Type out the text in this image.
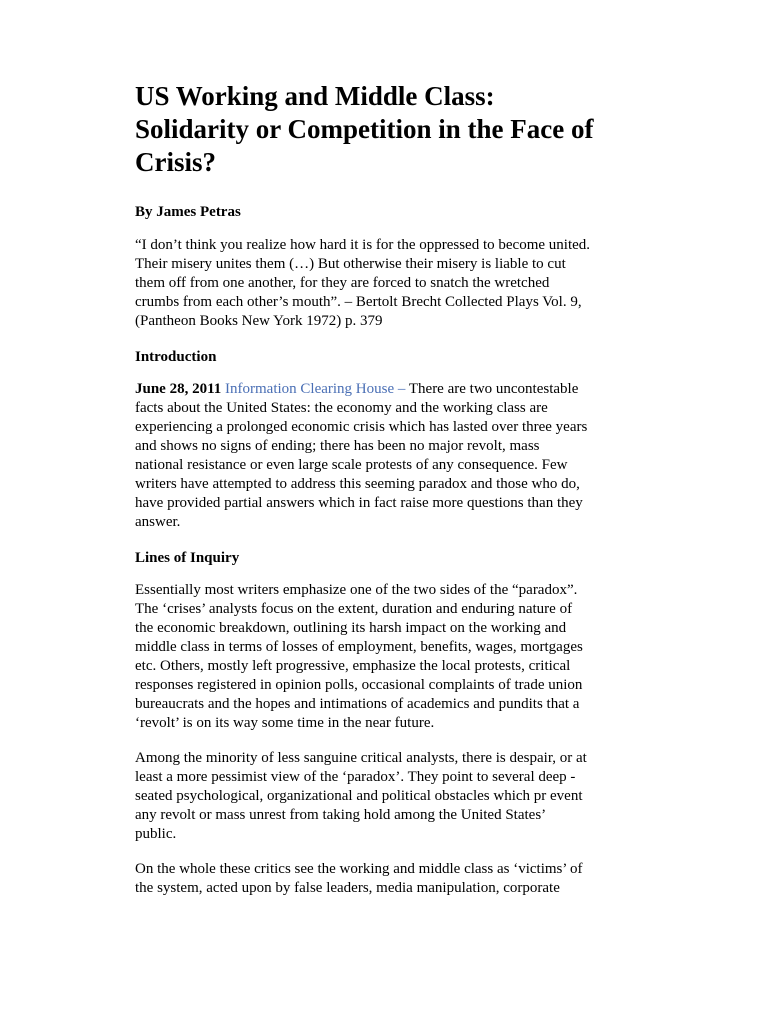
US Working and Middle Class:
Solidarity or Competition in the Face of
Crisis?

By James Petras

“I don’t think you realize how hard it is for the oppressed to become united.
Their misery unites them (…) But otherwise their misery is liable to cut
them off from one another, for they are forced to snatch the wretched
crumbs from each other’s mouth”. – Bertolt Brecht Collected Plays Vol. 9,
(Pantheon Books New York 1972) p. 379

Introduction

June 28, 2011 Information Clearing House – There are two uncontestable
facts about the United States: the economy and the working class are
experiencing a prolonged economic crisis which has lasted over three years
and shows no signs of ending; there has been no major revolt, mass
national resistance or even large scale protests of any consequence. Few
writers have attempted to address this seeming paradox and those who do,
have provided partial answers which in fact raise more questions than they
answer.

Lines of Inquiry

Essentially most writers emphasize one of the two sides of the “paradox”.
The ‘crises’ analysts focus on the extent, duration and enduring nature of
the economic breakdown, outlining its harsh impact on the working and
middle class in terms of losses of employment, benefits, wages, mortgages
etc. Others, mostly left progressive, emphasize the local protests, critical
responses registered in opinion polls, occasional complaints of trade union
bureaucrats and the hopes and intimations of academics and pundits that a
‘revolt’ is on its way some time in the near future.

Among the minority of less sanguine critical analysts, there is despair, or at
least a more pessimist view of the ‘paradox’. They point to several deep -
seated psychological, organizational and political obstacles which pr event
any revolt or mass unrest from taking hold among the United States’
public.

On the whole these critics see the working and middle class as ‘victims’ of
the system, acted upon by false leaders, media manipulation, corporate
